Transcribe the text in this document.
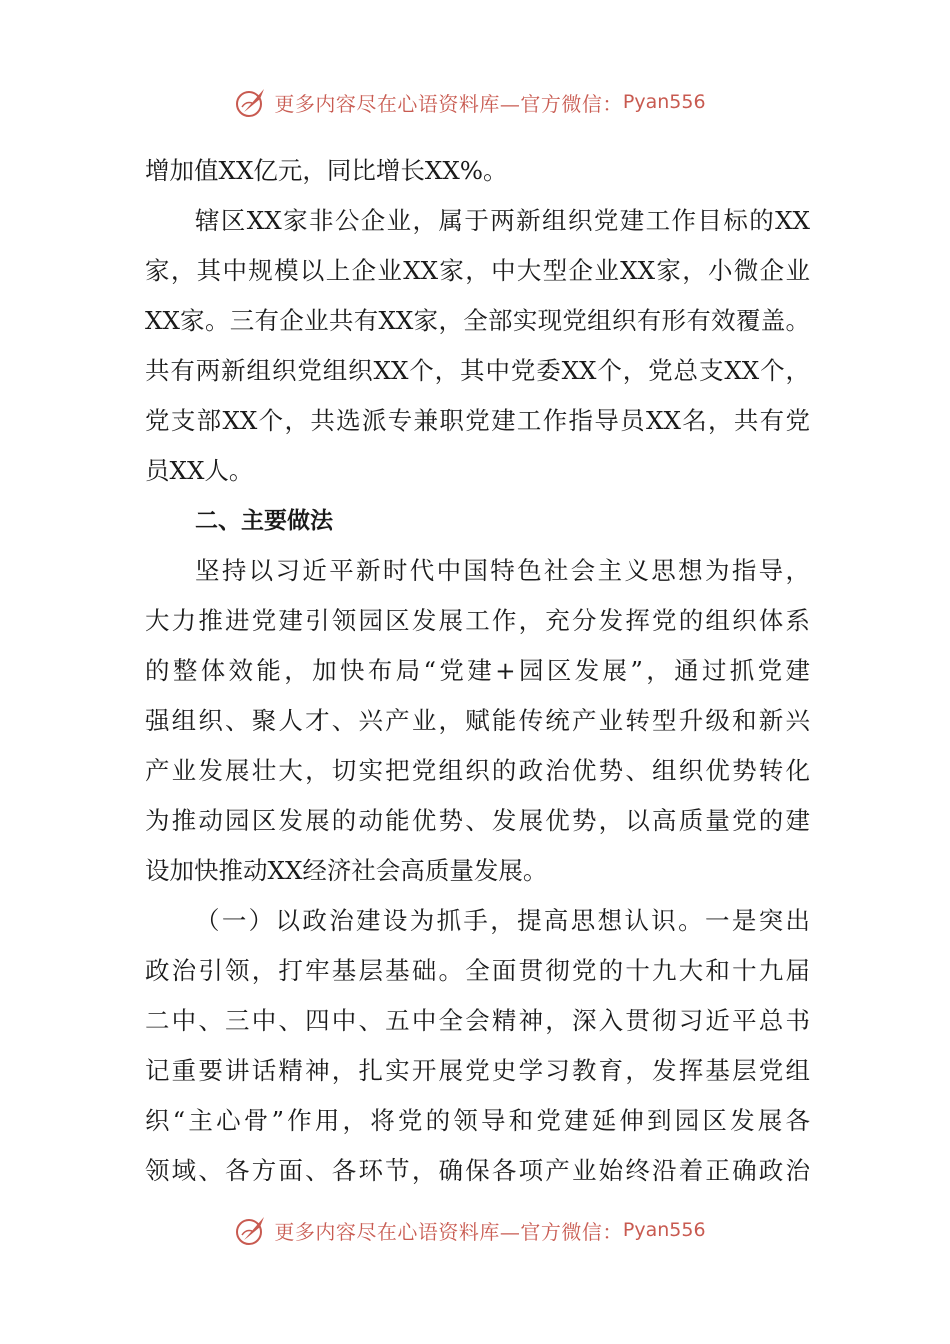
更多内容尽在心语资料库—官方微信： Pyan556
增加值XX亿元，同比增长XX%。
辖区XX家非公企业，属于两新组织党建工作目标的XX
家，其中规模以上企业XX家，中大型企业XX家，小微企业
XX家。三有企业共有XX家，全部实现党组织有形有效覆盖。
共有两新组织党组织XX个，其中党委XX个，党总支XX个，
党支部XX个，共选派专兼职党建工作指导员XX名，共有党
员XX人。
二、主要做法
坚持以习近平新时代中国特色社会主义思想为指导，
大力推进党建引领园区发展工作，充分发挥党的组织体系
的整体效能，加快布局“党建+园区发展”，通过抓党建
强组织、聚人才、兴产业，赋能传统产业转型升级和新兴
产业发展壮大，切实把党组织的政治优势、组织优势转化
为推动园区发展的动能优势、发展优势，以高质量党的建
设加快推动XX经济社会高质量发展。
（一）以政治建设为抓手，提高思想认识。一是突出
政治引领，打牢基层基础。全面贯彻党的十九大和十九届
二中、三中、四中、五中全会精神，深入贯彻习近平总书
记重要讲话精神，扎实开展党史学习教育，发挥基层党组
织“主心骨”作用，将党的领导和党建延伸到园区发展各
领域、各方面、各环节，确保各项产业始终沿着正确政治
更多内容尽在心语资料库—官方微信： Pyan556
